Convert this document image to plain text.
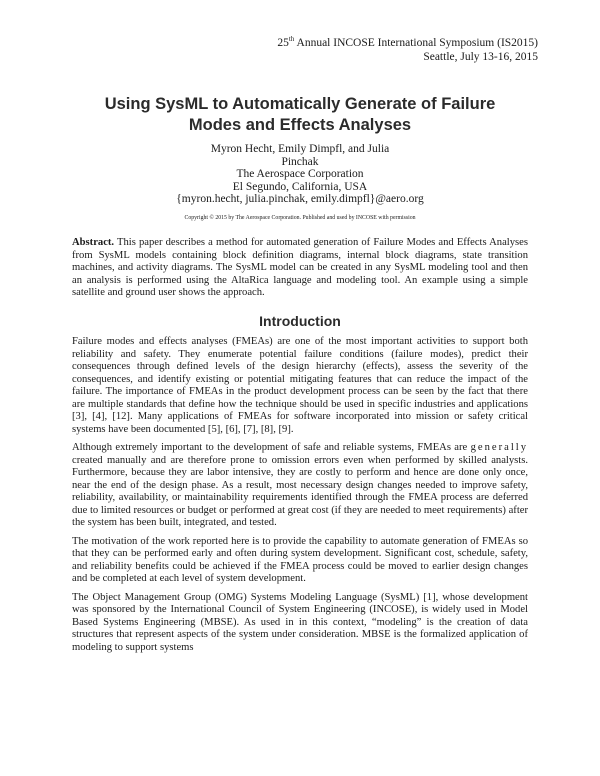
25th Annual INCOSE International Symposium (IS2015)
Seattle, July 13-16, 2015
Using SysML to Automatically Generate of Failure
Modes and Effects Analyses
Myron Hecht, Emily Dimpfl, and Julia
Pinchak
The Aerospace Corporation
El Segundo, California, USA
{myron.hecht, julia.pinchak, emily.dimpfl}@aero.org
Copyright © 2015 by The Aerospace Corporation. Published and used by INCOSE with permission
Abstract. This paper describes a method for automated generation of Failure Modes and Effects Analyses from SysML models containing block definition diagrams, internal block diagrams, state transition machines, and activity diagrams. The SysML model can be created in any SysML modeling tool and then an analysis is performed using the AltaRica language and modeling tool. An example using a simple satellite and ground user shows the approach.
Introduction

Failure modes and effects analyses (FMEAs) are one of the most important activities to support both reliability and safety. They enumerate potential failure conditions (failure modes), predict their consequences through defined levels of the design hierarchy (effects), assess the severity of the consequences, and identify existing or potential mitigating features that can reduce the impact of the failure. The importance of FMEAs in the product development process can be seen by the fact that there are multiple standards that define how the technique should be used in specific industries and applications [3], [4], [12]. Many applications of FMEAs for software incorporated into mission or safety critical systems have been documented [5], [6], [7], [8], [9].

Although extremely important to the development of safe and reliable systems, FMEAs are generally created manually and are therefore prone to omission errors even when performed by skilled analysts. Furthermore, because they are labor intensive, they are costly to perform and hence are done only once, near the end of the design phase. As a result, most necessary design changes needed to improve safety, reliability, availability, or maintainability requirements identified through the FMEA process are deferred due to limited resources or budget or performed at great cost (if they are needed to meet requirements) after the system has been built, integrated, and tested.

The motivation of the work reported here is to provide the capability to automate generation of FMEAs so that they can be performed early and often during system development. Significant cost, schedule, safety, and reliability benefits could be achieved if the FMEA process could be moved to earlier design changes and be completed at each level of system development.

The Object Management Group (OMG) Systems Modeling Language (SysML) [1], whose development was sponsored by the International Council of System Engineering (INCOSE), is widely used in Model Based Systems Engineering (MBSE). As used in in this context, “modeling” is the creation of data structures that represent aspects of the system under consideration. MBSE is the formalized application of modeling to support systems
